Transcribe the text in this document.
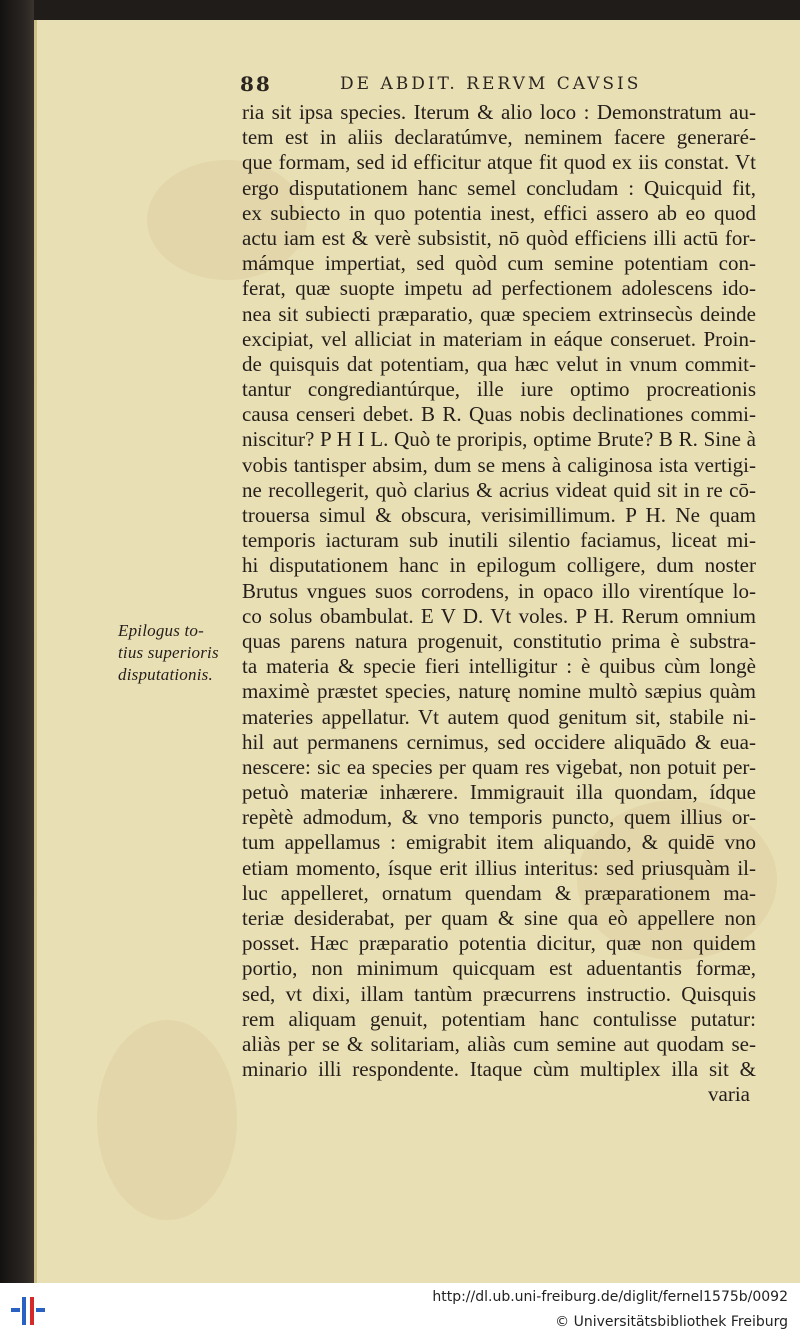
88	DE ABDIT. RERVM CAVSIS
Epilogus to-
tius superioris
disputationis.
ria sit ipsa species. Iterum & alio loco : Demonstratum au-
tem est in aliis declaratúmve, neminem facere generaré-
que formam, sed id efficitur atque fit quod ex iis constat. Vt
ergo disputationem hanc semel concludam : Quicquid fit,
ex subiecto in quo potentia inest, effici assero ab eo quod
actu iam est & verè subsistit, nō quòd efficiens illi actū for-
mámque impertiat, sed quòd cum semine potentiam con-
ferat, quæ suopte impetu ad perfectionem adolescens ido-
nea sit subiecti præparatio, quæ speciem extrinsecùs deinde
excipiat, vel alliciat in materiam in eáque conseruet. Proin-
de quisquis dat potentiam, qua hæc velut in vnum commit-
tantur congrediantúrque, ille iure optimo procreationis
causa censeri debet. B R. Quas nobis declinationes commi-
niscitur? P H I L. Quò te proripis, optime Brute? B R. Sine à
vobis tantisper absim, dum se mens à caliginosa ista vertigi-
ne recollegerit, quò clarius & acrius videat quid sit in re cō-
trouersa simul & obscura, verisimillimum. P H. Ne quam
temporis iacturam sub inutili silentio faciamus, liceat mi-
hi disputationem hanc in epilogum colligere, dum noster
Brutus vngues suos corrodens, in opaco illo virentíque lo-
co solus obambulat. E V D. Vt voles. P H. Rerum omnium
quas parens natura progenuit, constitutio prima è substra-
ta materia & specie fieri intelligitur : è quibus cùm longè
maximè præstet species, naturę nomine multò sæpius quàm
materies appellatur. Vt autem quod genitum sit, stabile ni-
hil aut permanens cernimus, sed occidere aliquādo & eua-
nescere: sic ea species per quam res vigebat, non potuit per-
petuò materiæ inhærere. Immigrauit illa quondam, ídque
repètè admodum, & vno temporis puncto, quem illius or-
tum appellamus : emigrabit item aliquando, & quidē vno
etiam momento, ísque erit illius interitus: sed priusquàm il-
luc appelleret, ornatum quendam & præparationem ma-
teriæ desiderabat, per quam & sine qua eò appellere non
posset. Hæc præparatio potentia dicitur, quæ non quidem
portio, non minimum quicquam est aduentantis formæ,
sed, vt dixi, illam tantùm præcurrens instructio. Quisquis
rem aliquam genuit, potentiam hanc contulisse putatur:
aliàs per se & solitariam, aliàs cum semine aut quodam se-
minario illi respondente. Itaque cùm multiplex illa sit &
varia
http://dl.ub.uni-freiburg.de/diglit/fernel1575b/0092
© Universitätsbibliothek Freiburg
